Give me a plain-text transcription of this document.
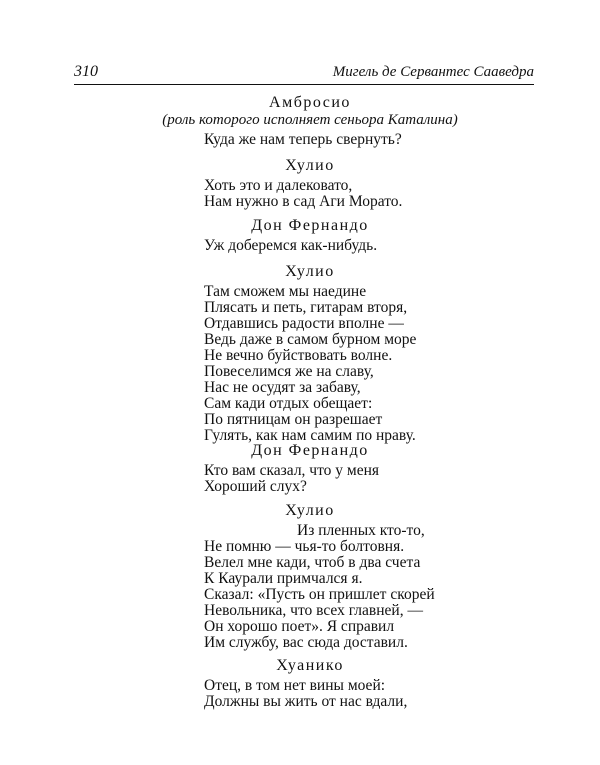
310	Мигель де Сервантес Сааведра
Амбросио
(роль которого исполняет сеньора Каталина)
Куда же нам теперь свернуть?
Хулио
Хоть это и далековато,
Нам нужно в сад Аги Морато.
Дон Фернандо
Уж доберемся как-нибудь.
Хулио
Там сможем мы наедине
Плясать и петь, гитарам вторя,
Отдавшись радости вполне —
Ведь даже в самом бурном море
Не вечно буйствовать волне.
Повеселимся же на славу,
Нас не осудят за забаву,
Сам кади отдых обещает:
По пятницам он разрешает
Гулять, как нам самим по нраву.
Дон Фернандо
Кто вам сказал, что у меня
Хороший слух?
Хулио
Из пленных кто-то,
Не помню — чья-то болтовня.
Велел мне кади, чтоб в два счета
К Каурали примчался я.
Сказал: «Пусть он пришлет скорей
Невольника, что всех главней, —
Он хорошо поет». Я справил
Им службу, вас сюда доставил.
Хуанико
Отец, в том нет вины моей:
Должны вы жить от нас вдали,
